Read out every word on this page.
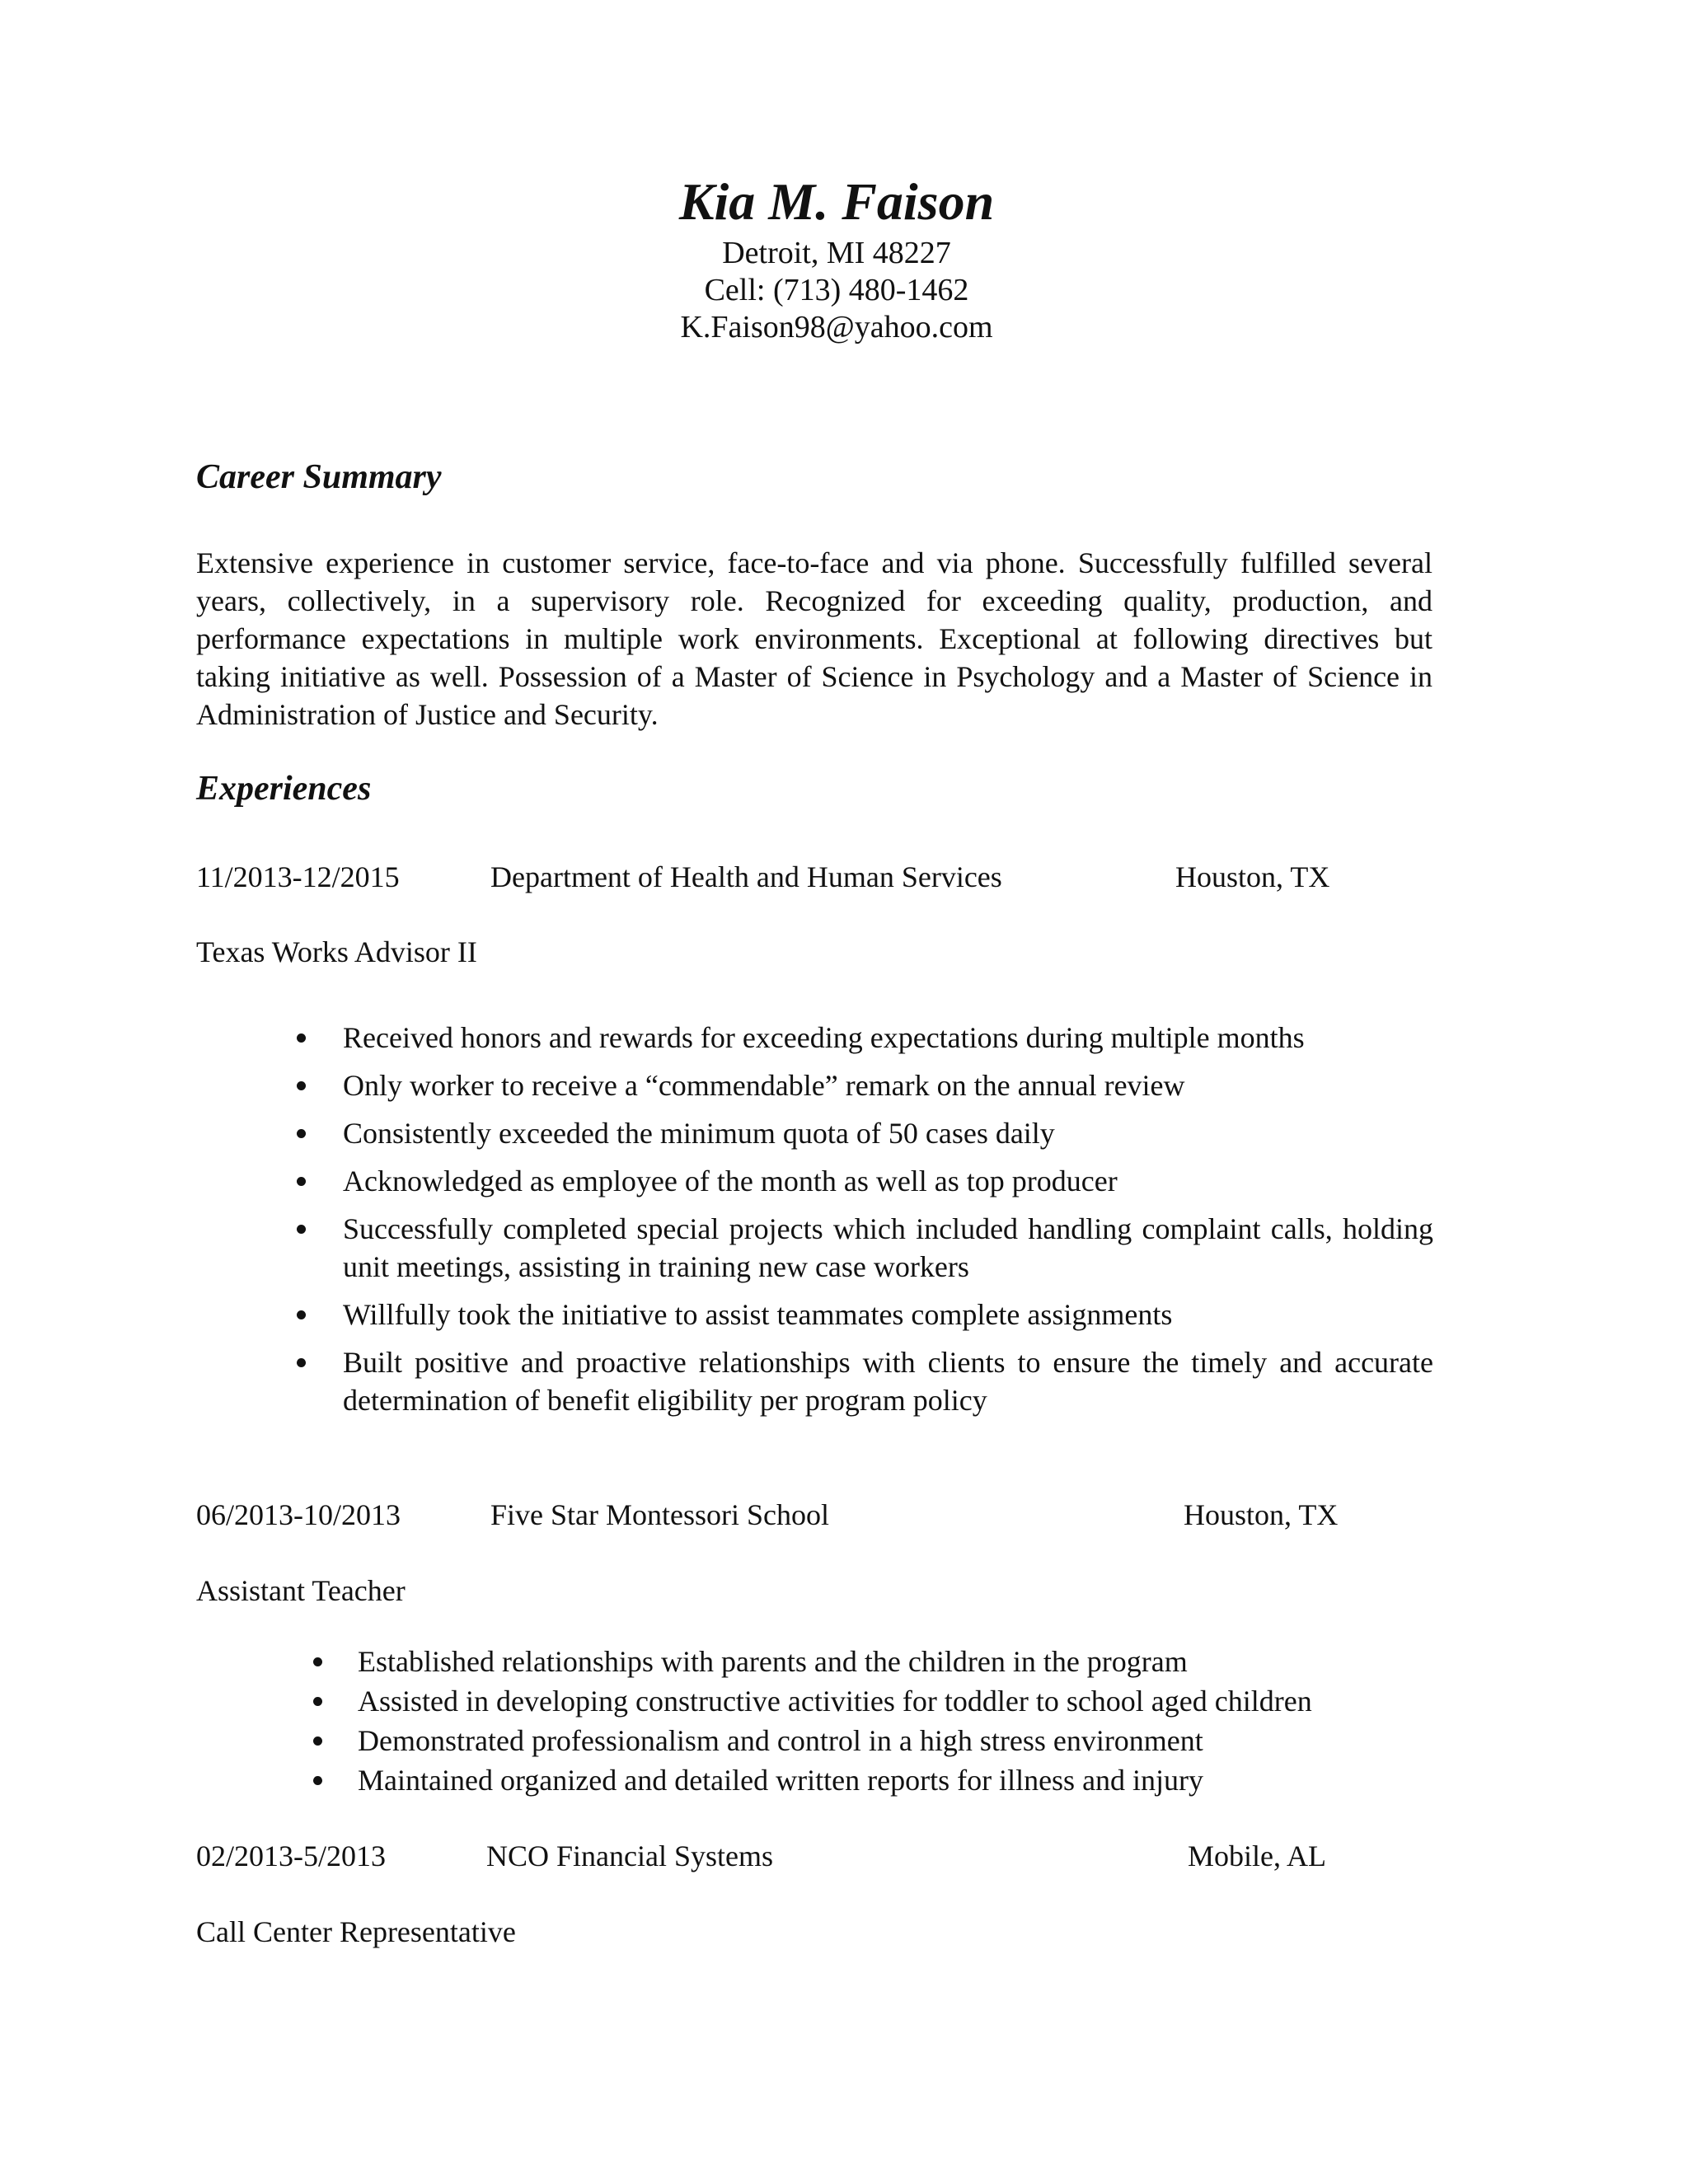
Kia M. Faison

Detroit, MI 48227

Cell: (713) 480-1462

K.Faison98@yahoo.com

Career Summary

Extensive experience in customer service, face-to-face and via phone. Successfully fulfilled several years, collectively, in a supervisory role. Recognized for exceeding quality, production, and performance expectations in multiple work environments. Exceptional at following directives but taking initiative as well. Possession of a Master of Science in Psychology and a Master of Science in Administration of Justice and Security.

Experiences

11/2013-12/2015	Department of Health and Human Services	Houston, TX
Texas Works Advisor II
Received honors and rewards for exceeding expectations during multiple months
Only worker to receive a “commendable” remark on the annual review
Consistently exceeded the minimum quota of 50 cases daily
Acknowledged as employee of the month as well as top producer
Successfully completed special projects which included handling complaint calls, holding unit meetings, assisting in training new case workers
Willfully took the initiative to assist teammates complete assignments
Built positive and proactive relationships with clients to ensure the timely and accurate determination of benefit eligibility per program policy
06/2013-10/2013	Five Star Montessori School	Houston, TX
Assistant Teacher
Established relationships with parents and the children in the program
Assisted in developing constructive activities for toddler to school aged children
Demonstrated professionalism and control in a high stress environment
Maintained organized and detailed written reports for illness and injury
02/2013-5/2013	NCO Financial Systems	Mobile, AL
Call Center Representative
